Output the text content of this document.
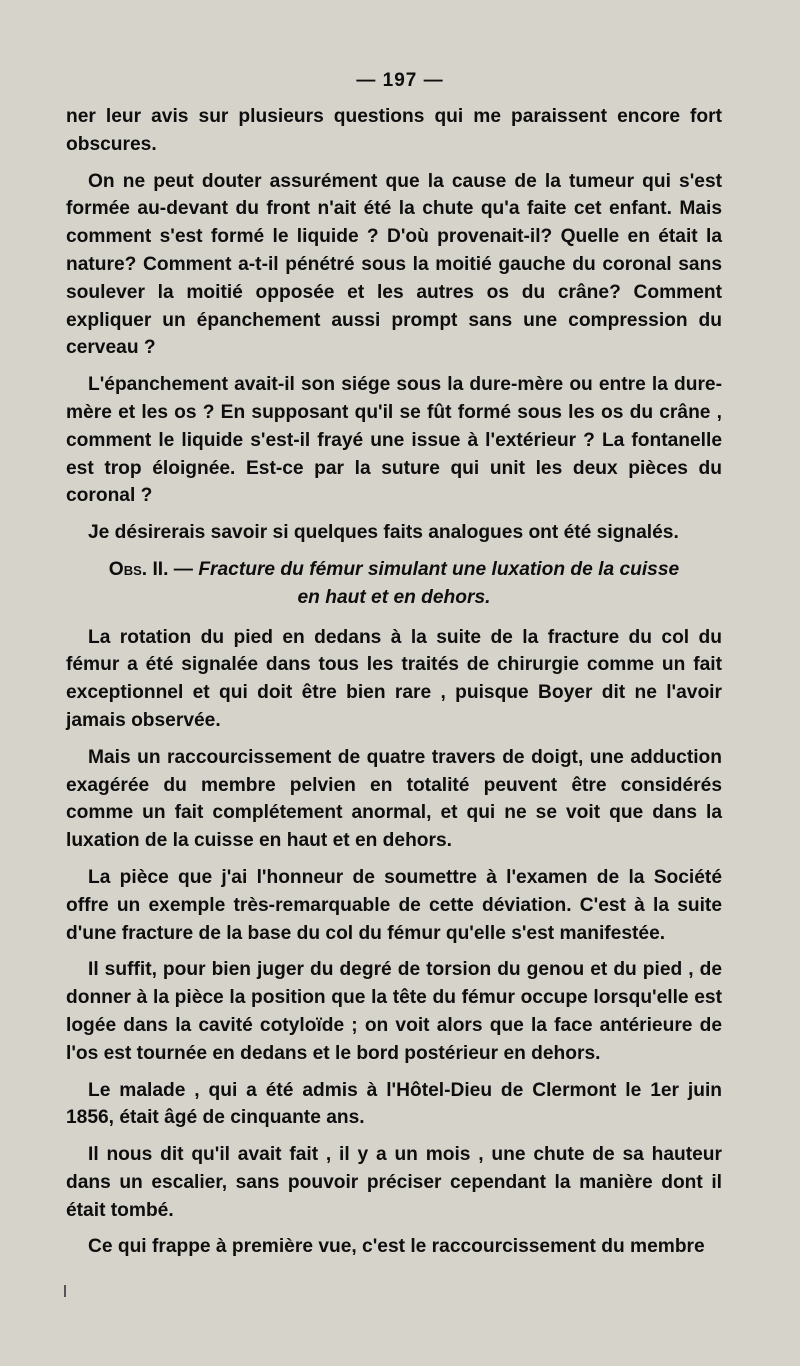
— 197 —

ner leur avis sur plusieurs questions qui me paraissent encore fort obscures.

On ne peut douter assurément que la cause de la tumeur qui s'est formée au-devant du front n'ait été la chute qu'a faite cet enfant. Mais comment s'est formé le liquide ? D'où provenait-il? Quelle en était la nature? Comment a-t-il pénétré sous la moitié gauche du coronal sans soulever la moitié opposée et les autres os du crâne? Comment expliquer un épanchement aussi prompt sans une compression du cerveau ?

L'épanchement avait-il son siége sous la dure-mère ou entre la dure-mère et les os ? En supposant qu'il se fût formé sous les os du crâne , comment le liquide s'est-il frayé une issue à l'extérieur ? La fontanelle est trop éloignée. Est-ce par la suture qui unit les deux pièces du coronal ?

Je désirerais savoir si quelques faits analogues ont été signalés.

Obs. II. — Fracture du fémur simulant une luxation de la cuisse
en haut et en dehors.

La rotation du pied en dedans à la suite de la fracture du col du fémur a été signalée dans tous les traités de chirurgie comme un fait exceptionnel et qui doit être bien rare , puisque Boyer dit ne l'avoir jamais observée.

Mais un raccourcissement de quatre travers de doigt, une adduction exagérée du membre pelvien en totalité peuvent être considérés comme un fait complétement anormal, et qui ne se voit que dans la luxation de la cuisse en haut et en dehors.

La pièce que j'ai l'honneur de soumettre à l'examen de la Société offre un exemple très-remarquable de cette déviation. C'est à la suite d'une fracture de la base du col du fémur qu'elle s'est manifestée.

Il suffit, pour bien juger du degré de torsion du genou et du pied , de donner à la pièce la position que la tête du fémur occupe lorsqu'elle est logée dans la cavité cotyloïde ; on voit alors que la face antérieure de l'os est tournée en dedans et le bord postérieur en dehors.

Le malade , qui a été admis à l'Hôtel-Dieu de Clermont le 1er juin 1856, était âgé de cinquante ans.

Il nous dit qu'il avait fait , il y a un mois , une chute de sa hauteur dans un escalier, sans pouvoir préciser cependant la manière dont il était tombé.

Ce qui frappe à première vue, c'est le raccourcissement du membre
